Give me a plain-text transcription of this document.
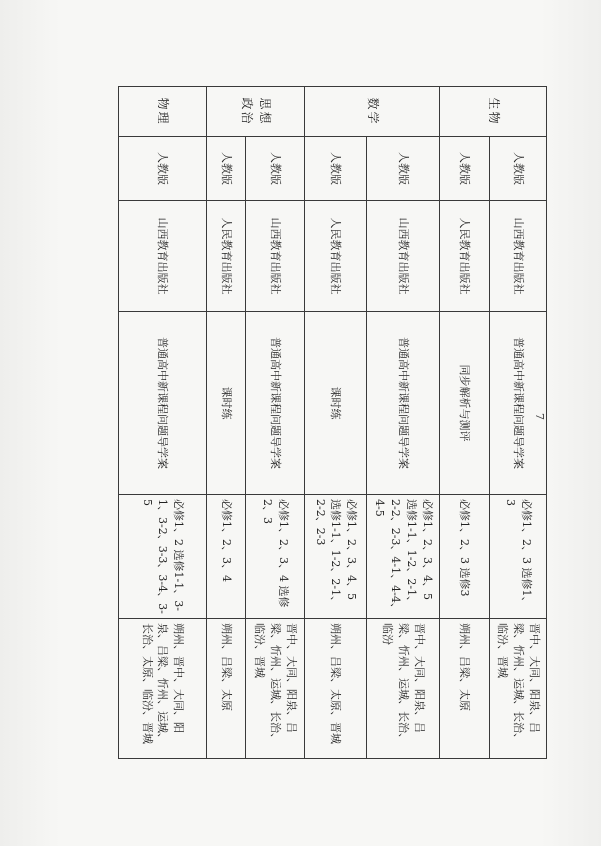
生物	人教版	山西教育出版社	普通高中新课程问题导学案	必修1、2、3 选修1、3	晋中、大同、阳泉、吕梁、忻州、运城、长治、临汾、晋城
	人教版	人民教育出版社	同步解析与测评	必修1、2、3 选修3	朔州、吕梁、太原
数学	人教版	山西教育出版社	普通高中新课程问题导学案	必修1、2、3、4、5 选修1-1、1-2、2-1、2-2、2-3、4-1、4-4、4-5	晋中、大同、阳泉、吕梁、忻州、运城、长治、临汾
	人教版	人民教育出版社	课时练	必修1、2、3、4、5 选修1-1、1-2、2-1、2-2、2-3	朔州、吕梁、太原、晋城
思想政治	人教版	山西教育出版社	普通高中新课程问题导学案	必修1、2、3、4 选修2、3	晋中、大同、阳泉、吕梁、忻州、运城、长治、临汾、晋城
	人教版	人民教育出版社	课时练	必修1、2、3、4	朔州、吕梁、太原
物理	人教版	山西教育出版社	普通高中新课程问题导学案	必修1、2 选修1-1、3-1、3-2、3-3、3-4、3-5	朔州、晋中、大同、阳泉、吕梁、忻州、运城、长治、太原、临汾、晋城
7
